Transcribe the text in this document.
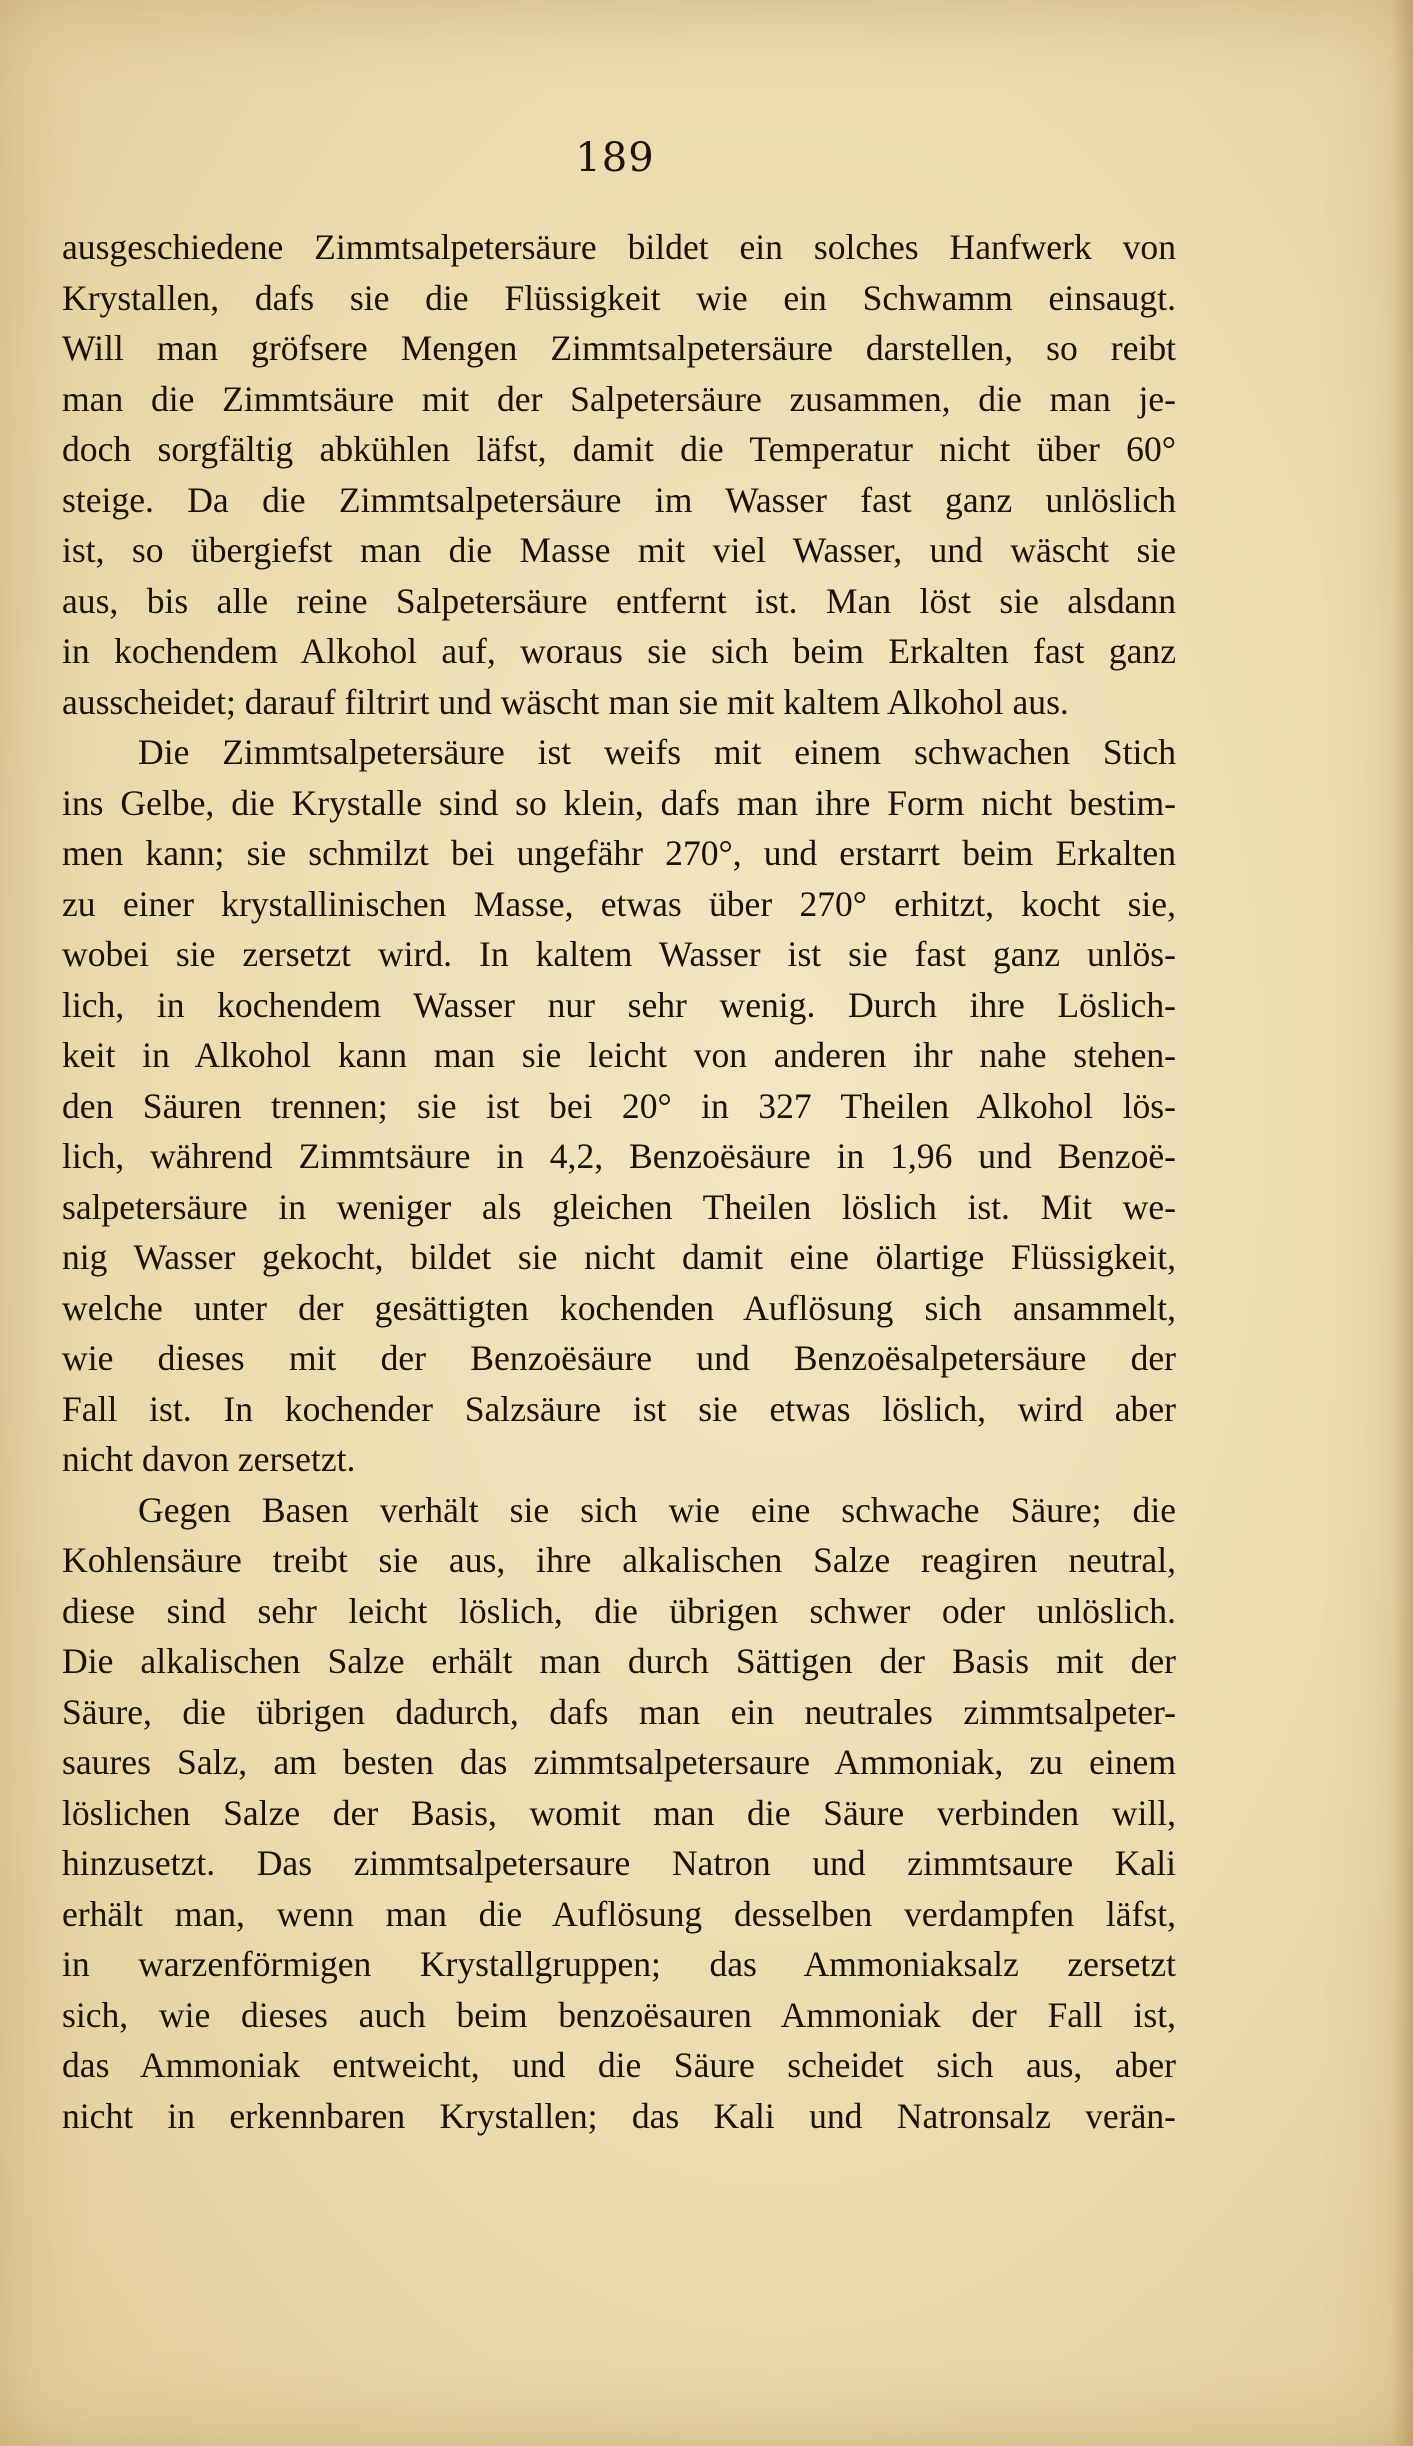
189
ausgeschiedene Zimmtsalpetersäure bildet ein solches Hanfwerk von
Krystallen, dafs sie die Flüssigkeit wie ein Schwamm einsaugt.
Will man gröfsere Mengen Zimmtsalpetersäure darstellen, so reibt
man die Zimmtsäure mit der Salpetersäure zusammen, die man je-
doch sorgfältig abkühlen läfst, damit die Temperatur nicht über 60°
steige. Da die Zimmtsalpetersäure im Wasser fast ganz unlöslich
ist, so übergiefst man die Masse mit viel Wasser, und wäscht sie
aus, bis alle reine Salpetersäure entfernt ist. Man löst sie alsdann
in kochendem Alkohol auf, woraus sie sich beim Erkalten fast ganz
ausscheidet; darauf filtrirt und wäscht man sie mit kaltem Alkohol aus.
Die Zimmtsalpetersäure ist weifs mit einem schwachen Stich
ins Gelbe, die Krystalle sind so klein, dafs man ihre Form nicht bestim-
men kann; sie schmilzt bei ungefähr 270°, und erstarrt beim Erkalten
zu einer krystallinischen Masse, etwas über 270° erhitzt, kocht sie,
wobei sie zersetzt wird. In kaltem Wasser ist sie fast ganz unlös-
lich, in kochendem Wasser nur sehr wenig. Durch ihre Löslich-
keit in Alkohol kann man sie leicht von anderen ihr nahe stehen-
den Säuren trennen; sie ist bei 20° in 327 Theilen Alkohol lös-
lich, während Zimmtsäure in 4,2, Benzoësäure in 1,96 und Benzoë-
salpetersäure in weniger als gleichen Theilen löslich ist. Mit we-
nig Wasser gekocht, bildet sie nicht damit eine ölartige Flüssigkeit,
welche unter der gesättigten kochenden Auflösung sich ansammelt,
wie dieses mit der Benzoësäure und Benzoësalpetersäure der
Fall ist. In kochender Salzsäure ist sie etwas löslich, wird aber
nicht davon zersetzt.
Gegen Basen verhält sie sich wie eine schwache Säure; die
Kohlensäure treibt sie aus, ihre alkalischen Salze reagiren neutral,
diese sind sehr leicht löslich, die übrigen schwer oder unlöslich.
Die alkalischen Salze erhält man durch Sättigen der Basis mit der
Säure, die übrigen dadurch, dafs man ein neutrales zimmtsalpeter-
saures Salz, am besten das zimmtsalpetersaure Ammoniak, zu einem
löslichen Salze der Basis, womit man die Säure verbinden will,
hinzusetzt. Das zimmtsalpetersaure Natron und zimmtsaure Kali
erhält man, wenn man die Auflösung desselben verdampfen läfst,
in warzenförmigen Krystallgruppen; das Ammoniaksalz zersetzt
sich, wie dieses auch beim benzoësauren Ammoniak der Fall ist,
das Ammoniak entweicht, und die Säure scheidet sich aus, aber
nicht in erkennbaren Krystallen; das Kali und Natronsalz verän-
